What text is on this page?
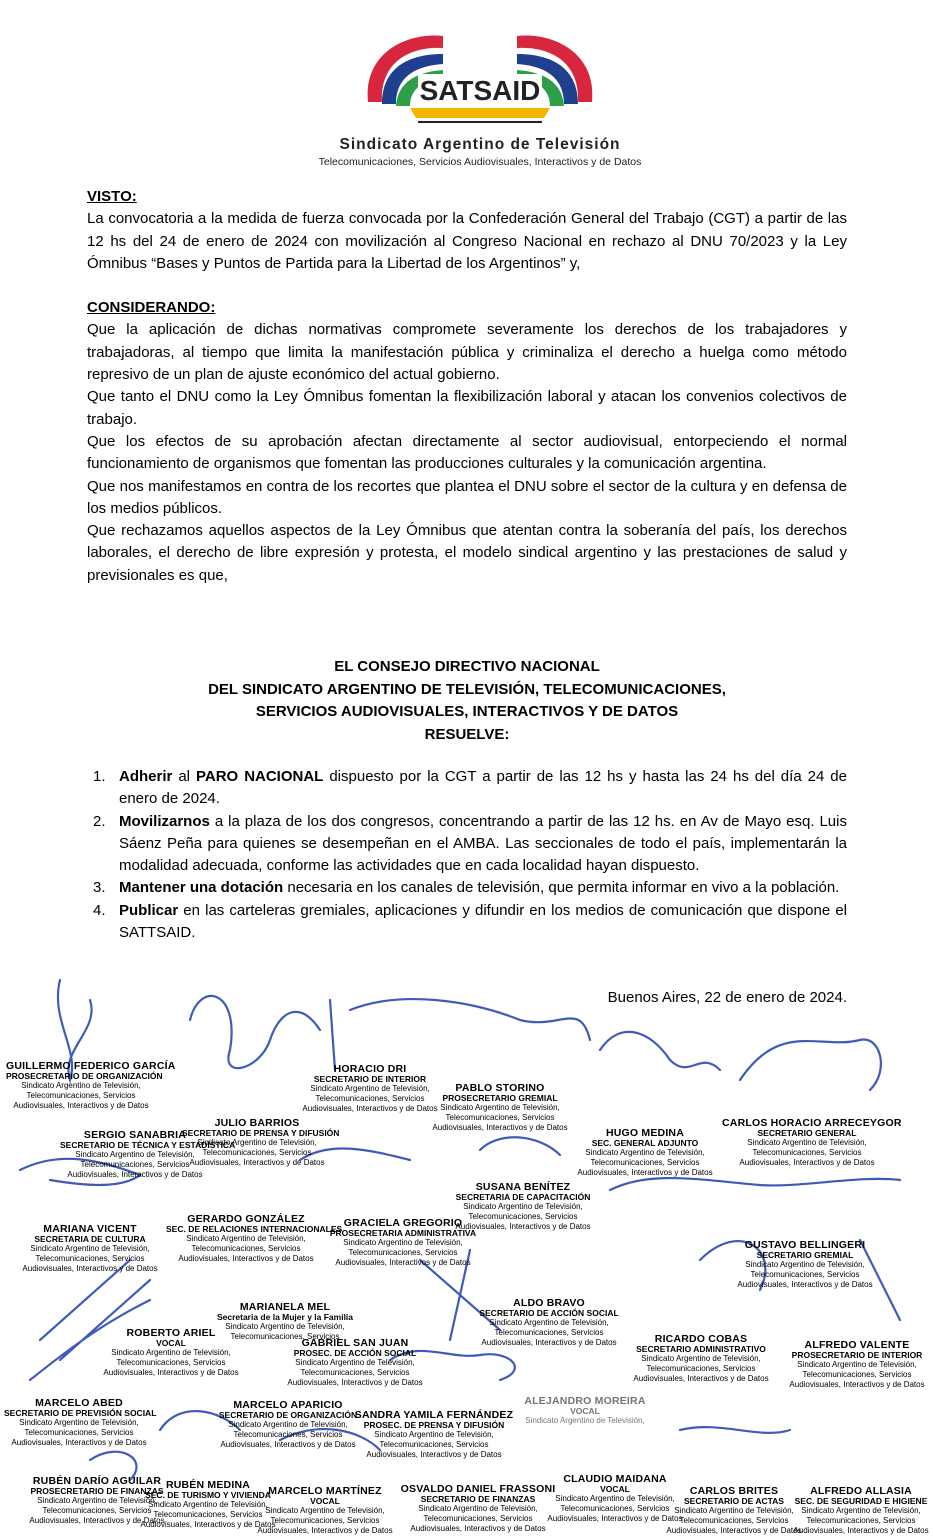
SATSAID
Sindicato Argentino de Televisión
Telecomunicaciones, Servicios Audiovisuales, Interactivos y de Datos

VISTO:

La convocatoria a la medida de fuerza convocada por la Confederación General del Trabajo (CGT) a partir de las 12 hs del 24 de enero de 2024 con movilización al Congreso Nacional en rechazo al DNU 70/2023 y la Ley Ómnibus “Bases y Puntos de Partida para la Libertad de los Argentinos” y,

CONSIDERANDO:

Que la aplicación de dichas normativas compromete severamente los derechos de los trabajadores y trabajadoras, al tiempo que limita la manifestación pública y criminaliza el derecho a huelga como método represivo de un plan de ajuste económico del actual gobierno.

Que tanto el DNU como la Ley Ómnibus fomentan la flexibilización laboral y atacan los convenios colectivos de trabajo.

Que los efectos de su aprobación afectan directamente al sector audiovisual, entorpeciendo el normal funcionamiento de organismos que fomentan las producciones culturales y la comunicación argentina.

Que nos manifestamos en contra de los recortes que plantea el DNU sobre el sector de la cultura y en defensa de los medios públicos.

Que rechazamos aquellos aspectos de la Ley Ómnibus que atentan contra la soberanía del país, los derechos laborales, el derecho de libre expresión y protesta, el modelo sindical argentino y las prestaciones de salud y previsionales es que,

EL CONSEJO DIRECTIVO NACIONAL
DEL SINDICATO ARGENTINO DE TELEVISIÓN, TELECOMUNICACIONES,
SERVICIOS AUDIOVISUALES, INTERACTIVOS Y DE DATOS
RESUELVE:
1. Adherir al PARO NACIONAL dispuesto por la CGT a partir de las 12 hs y hasta las 24 hs del día 24 de enero de 2024.
2. Movilizarnos a la plaza de los dos congresos, concentrando a partir de las 12 hs. en Av de Mayo esq. Luis Sáenz Peña para quienes se desempeñan en el AMBA. Las seccionales de todo el país, implementarán la modalidad adecuada, conforme las actividades que en cada localidad hayan dispuesto.
3. Mantener una dotación necesaria en los canales de televisión, que permita informar en vivo a la población.
4. Publicar en las carteleras gremiales, aplicaciones y difundir en los medios de comunicación que dispone el SATTSAID.
Buenos Aires, 22 de enero de 2024.
GUILLERMO FEDERICO GARCÍA
PROSECRETARIO DE ORGANIZACIÓN
Sindicato Argentino de Televisión,
Telecomunicaciones, Servicios
Audiovisuales, Interactivos y de Datos
HORACIO DRI
SECRETARIO DE INTERIOR
Sindicato Argentino de Televisión,
Telecomunicaciones, Servicios
Audiovisuales, Interactivos y de Datos
PABLO STORINO
PROSECRETARIO GREMIAL
Sindicato Argentino de Televisión,
Telecomunicaciones, Servicios
Audiovisuales, Interactivos y de Datos
JULIO BARRIOS
SECRETARIO DE PRENSA Y DIFUSIÓN
Sindicato Argentino de Televisión,
Telecomunicaciones, Servicios
Audiovisuales, Interactivos y de Datos
SERGIO SANABRIA
SECRETARIO DE TÉCNICA Y ESTADÍSTICA
Sindicato Argentino de Televisión,
Telecomunicaciones, Servicios
Audiovisuales, Interactivos y de Datos
HUGO MEDINA
SEC. GENERAL ADJUNTO
Sindicato Argentino de Televisión,
Telecomunicaciones, Servicios
Audiovisuales, Interactivos y de Datos
CARLOS HORACIO ARRECEYGOR
SECRETARIO GENERAL
Sindicato Argentino de Televisión,
Telecomunicaciones, Servicios
Audiovisuales, Interactivos y de Datos
SUSANA BENÍTEZ
SECRETARIA DE CAPACITACIÓN
Sindicato Argentino de Televisión,
Telecomunicaciones, Servicios
Audiovisuales, Interactivos y de Datos
MARIANA VICENT
SECRETARIA DE CULTURA
Sindicato Argentino de Televisión,
Telecomunicaciones, Servicios
Audiovisuales, Interactivos y de Datos
GERARDO GONZÁLEZ
SEC. DE RELACIONES INTERNACIONALES
Sindicato Argentino de Televisión,
Telecomunicaciones, Servicios
Audiovisuales, Interactivos y de Datos
GRACIELA GREGORIO
PROSECRETARIA ADMINISTRATIVA
Sindicato Argentino de Televisión,
Telecomunicaciones, Servicios
Audiovisuales, Interactivos y de Datos
GUSTAVO BELLINGERI
SECRETARIO GREMIAL
Sindicato Argentino de Televisión,
Telecomunicaciones, Servicios
Audiovisuales, Interactivos y de Datos
MARIANELA MEL
Secretaria de la Mujer y la Familia
Sindicato Argentino de Televisión,
Telecomunicaciones, Servicios
ALDO BRAVO
SECRETARIO DE ACCIÓN SOCIAL
Sindicato Argentino de Televisión,
Telecomunicaciones, Servicios
Audiovisuales, Interactivos y de Datos
ROBERTO ARIEL
VOCAL
Sindicato Argentino de Televisión,
Telecomunicaciones, Servicios
Audiovisuales, Interactivos y de Datos
GABRIEL SAN JUAN
PROSEC. DE ACCIÓN SOCIAL
Sindicato Argentino de Televisión,
Telecomunicaciones, Servicios
Audiovisuales, Interactivos y de Datos
RICARDO COBAS
SECRETARIO ADMINISTRATIVO
Sindicato Argentino de Televisión,
Telecomunicaciones, Servicios
Audiovisuales, Interactivos y de Datos
ALFREDO VALENTE
PROSECRETARIO DE INTERIOR
Sindicato Argentino de Televisión,
Telecomunicaciones, Servicios
Audiovisuales, Interactivos y de Datos
MARCELO ABED
SECRETARIO DE PREVISIÓN SOCIAL
Sindicato Argentino de Televisión,
Telecomunicaciones, Servicios
Audiovisuales, Interactivos y de Datos
MARCELO APARICIO
SECRETARIO DE ORGANIZACIÓN
Sindicato Argentino de Televisión,
Telecomunicaciones, Servicios
Audiovisuales, Interactivos y de Datos
SANDRA YAMILA FERNÁNDEZ
PROSEC. DE PRENSA Y DIFUSIÓN
Sindicato Argentino de Televisión,
Telecomunicaciones, Servicios
Audiovisuales, Interactivos y de Datos
ALEJANDRO MOREIRA
VOCAL
Sindicato Argentino de Televisión,
RUBÉN DARÍO AGUILAR
PROSECRETARIO DE FINANZAS
Sindicato Argentino de Televisión,
Telecomunicaciones, Servicios
Audiovisuales, Interactivos y de Datos
RUBÉN MEDINA
SEC. DE TURISMO Y VIVIENDA
Sindicato Argentino de Televisión,
Telecomunicaciones, Servicios
Audiovisuales, Interactivos y de Datos
MARCELO MARTÍNEZ
VOCAL
Sindicato Argentino de Televisión,
Telecomunicaciones, Servicios
Audiovisuales, Interactivos y de Datos
OSVALDO DANIEL FRASSONI
SECRETARIO DE FINANZAS
Sindicato Argentino de Televisión,
Telecomunicaciones, Servicios
Audiovisuales, Interactivos y de Datos
CLAUDIO MAIDANA
VOCAL
Sindicato Argentino de Televisión,
Telecomunicaciones, Servicios
Audiovisuales, Interactivos y de Datos
CARLOS BRITES
SECRETARIO DE ACTAS
Sindicato Argentino de Televisión,
Telecomunicaciones, Servicios
Audiovisuales, Interactivos y de Datos
ALFREDO ALLASIA
SEC. DE SEGURIDAD E HIGIENE
Sindicato Argentino de Televisión,
Telecomunicaciones, Servicios
Audiovisuales, Interactivos y de Datos
